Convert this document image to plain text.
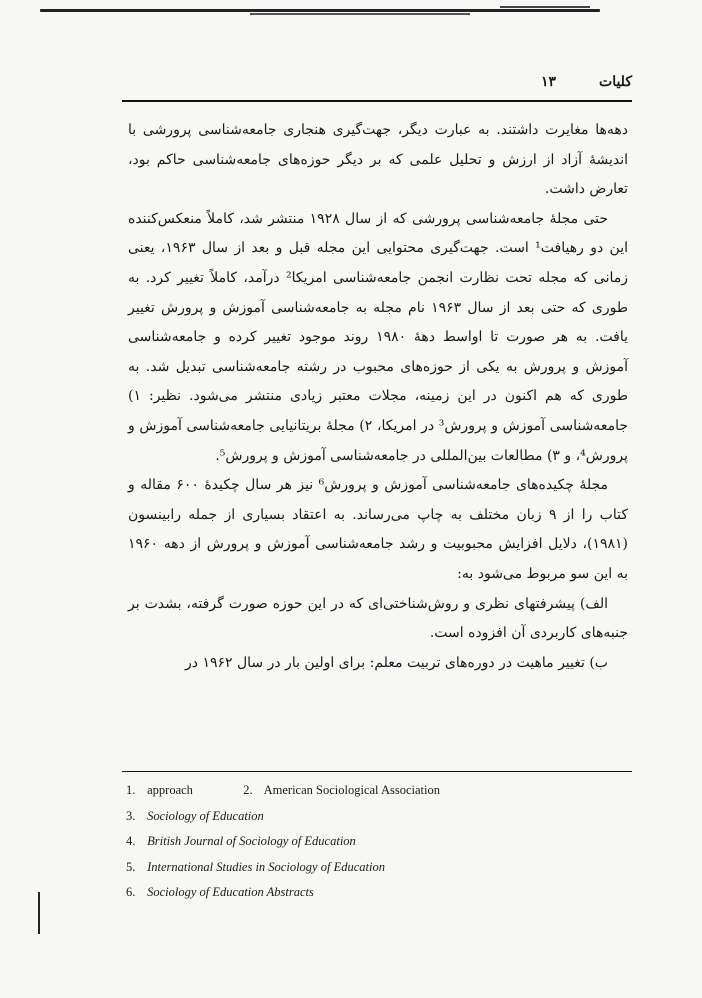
کلیات
۱۳

دهه‌ها مغایرت داشتند. به عبارت دیگر، جهت‌گیری هنجاری جامعه‌شناسی پرورشی با اندیشهٔ آزاد از ارزش و تحلیل علمی که بر دیگر حوزه‌های جامعه‌شناسی حاکم بود، تعارض داشت.

حتی مجلهٔ جامعه‌شناسی پرورشی که از سال ۱۹۲۸ منتشر شد، کاملاً منعکس‌کننده این دو رهیافت¹ است. جهت‌گیری محتوایی این مجله قبل و بعد از سال ۱۹۶۳، یعنی زمانی که مجله تحت نظارت انجمن جامعه‌شناسی امریکا² درآمد، کاملاً تغییر کرد. به طوری که حتی بعد از سال ۱۹۶۳ نام مجله به جامعه‌شناسی آموزش و پرورش تغییر یافت. به هر صورت تا اواسط دههٔ ۱۹۸۰ روند موجود تغییر کرده و جامعه‌شناسی آموزش و پرورش به یکی از حوزه‌های محبوب در رشته جامعه‌شناسی تبدیل شد. به طوری که هم اکنون در این زمینه، مجلات معتبر زیادی منتشر می‌شود. نظیر: ۱) جامعه‌شناسی آموزش و پرورش³ در امریکا، ۲) مجلهٔ بریتانیایی جامعه‌شناسی آموزش و پرورش⁴، و ۳) مطالعات بین‌المللی در جامعه‌شناسی آموزش و پرورش⁵.

مجلهٔ چکیده‌های جامعه‌شناسی آموزش و پرورش⁶ نیز هر سال چکیدهٔ ۶۰۰ مقاله و کتاب را از ۹ زبان مختلف به چاپ می‌رساند. به اعتقاد بسیاری از جمله رابینسون (۱۹۸۱)، دلایل افزایش محبوبیت و رشد جامعه‌شناسی آموزش و پرورش از دهه ۱۹۶۰ به این سو مربوط می‌شود به:

الف) پیشرفتهای نظری و روش‌شناختی‌ای که در این حوزه صورت گرفته، بشدت بر جنبه‌های کاربردی آن افزوده است.

ب) تغییر ماهیت در دوره‌های تربیت معلم: برای اولین بار در سال ۱۹۶۲ در

1. approach	2. American Sociological Association
3. Sociology of Education
4. British Journal of Sociology of Education
5. International Studies in Sociology of Education
6. Sociology of Education Abstracts
